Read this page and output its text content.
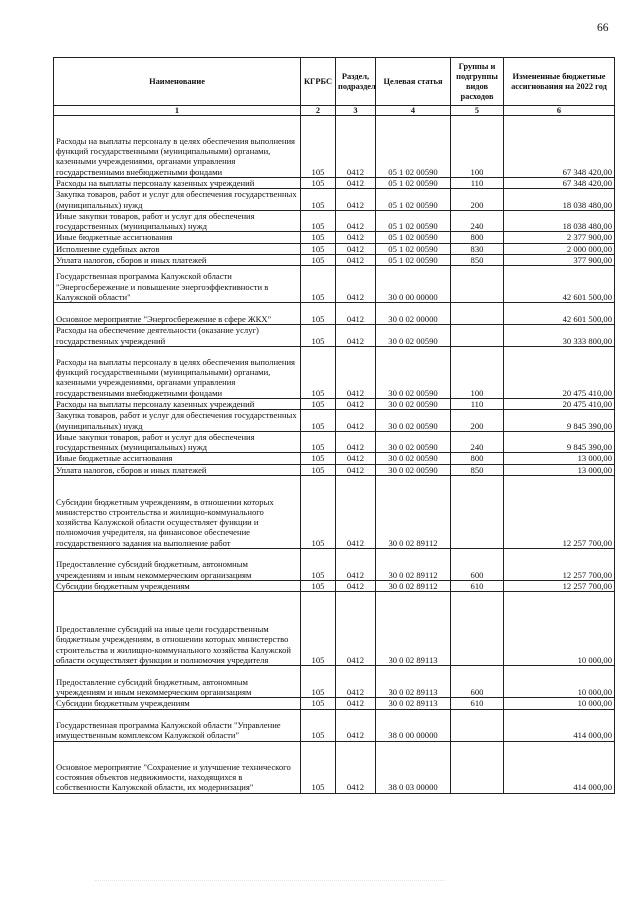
66
Наименование	КГРБС	Раздел, подраздел	Целевая статья	Группы и подгруппы видов расходов	Измененные бюджетные ассигнования на 2022 год
1	2	3	4	5	6
Расходы на выплаты персоналу в целях обеспечения выполнения функций государственными (муниципальными) органами, казенными учреждениями, органами управления государственными внебюджетными фондами	105	0412	05 1 02 00590	100	67 348 420,00
Расходы на выплаты персоналу казенных учреждений	105	0412	05 1 02 00590	110	67 348 420,00
Закупка товаров, работ и услуг для обеспечения государственных (муниципальных) нужд	105	0412	05 1 02 00590	200	18 038 480,00
Иные закупки товаров, работ и услуг для обеспечения государственных (муниципальных) нужд	105	0412	05 1 02 00590	240	18 038 480,00
Иные бюджетные ассигнования	105	0412	05 1 02 00590	800	2 377 900,00
Исполнение судебных актов	105	0412	05 1 02 00590	830	2 000 000,00
Уплата налогов, сборов и иных платежей	105	0412	05 1 02 00590	850	377 900,00
Государственная программа Калужской области "Энергосбережение и повышение энергоэффективности в Калужской области"	105	0412	30 0 00 00000		42 601 500,00
Основное мероприятие "Энергосбережение в сфере ЖКХ"	105	0412	30 0 02 00000		42 601 500,00
Расходы на обеспечение деятельности (оказание услуг) государственных учреждений	105	0412	30 0 02 00590		30 333 800,00
Расходы на выплаты персоналу в целях обеспечения выполнения функций государственными (муниципальными) органами, казенными учреждениями, органами управления государственными внебюджетными фондами	105	0412	30 0 02 00590	100	20 475 410,00
Расходы на выплаты персоналу казенных учреждений	105	0412	30 0 02 00590	110	20 475 410,00
Закупка товаров, работ и услуг для обеспечения государственных (муниципальных) нужд	105	0412	30 0 02 00590	200	9 845 390,00
Иные закупки товаров, работ и услуг для обеспечения государственных (муниципальных) нужд	105	0412	30 0 02 00590	240	9 845 390,00
Иные бюджетные ассигнования	105	0412	30 0 02 00590	800	13 000,00
Уплата налогов, сборов и иных платежей	105	0412	30 0 02 00590	850	13 000,00
Субсидии бюджетным учреждениям, в отношении которых министерство строительства и жилищно-коммунального хозяйства Калужской области осуществляет функции и полномочия учредителя, на финансовое обеспечение государственного задания на выполнение работ	105	0412	30 0 02 89112		12 257 700,00
Предоставление субсидий бюджетным, автономным учреждениям и иным некоммерческим организациям	105	0412	30 0 02 89112	600	12 257 700,00
Субсидии бюджетным учреждениям	105	0412	30 0 02 89112	610	12 257 700,00
Предоставление субсидий на иные цели государственным бюджетным учреждениям, в отношении которых министерство строительства и жилищно-коммунального хозяйства Калужской области осуществляет функции и полномочия учредителя	105	0412	30 0 02 89113		10 000,00
Предоставление субсидий бюджетным, автономным учреждениям и иным некоммерческим организациям	105	0412	30 0 02 89113	600	10 000,00
Субсидии бюджетным учреждениям	105	0412	30 0 02 89113	610	10 000,00
Государственная программа Калужской области "Управление имущественным комплексом Калужской области"	105	0412	38 0 00 00000		414 000,00
Основное мероприятие "Сохранение и улучшение технического состояния объектов недвижимости, находящихся в собственности Калужской области, их модернизация"	105	0412	38 0 03 00000		414 000,00
